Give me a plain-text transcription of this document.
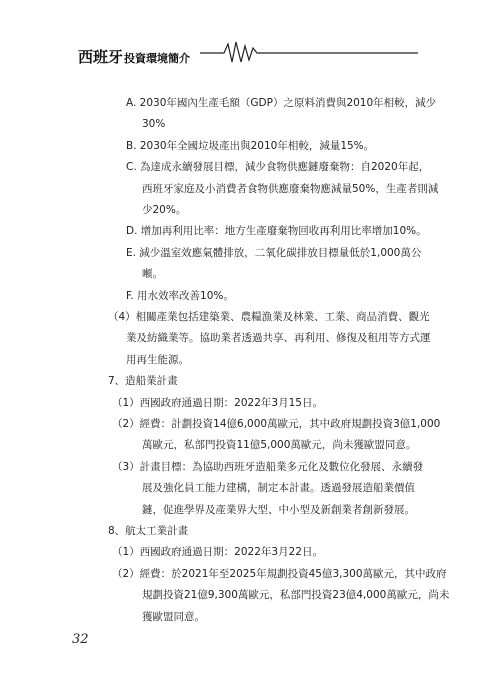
西班牙投資環境簡介
A. 2030年國內生產毛額（GDP）之原料消費與2010年相較，減少
30%
B. 2030年全國垃圾產出與2010年相較，減量15%。
C. 為達成永續發展目標，減少食物供應鏈廢棄物：自2020年起，
西班牙家庭及小消費者食物供應廢棄物應減量50%，生產者則減
少20%。
D. 增加再利用比率：地方生產廢棄物回收再利用比率增加10%。
E. 減少溫室效應氣體排放，二氧化碳排放目標量低於1,000萬公
噸。
F. 用水效率改善10%。
（4）相關產業包括建築業、農糧漁業及林業、工業、商品消費、觀光
業及紡織業等。協助業者透過共享、再利用、修復及租用等方式運
用再生能源。
7、造船業計畫
（1）西國政府通過日期：2022年3月15日。
（2）經費：計劃投資14億6,000萬歐元，其中政府規劃投資3億1,000
萬歐元，私部門投資11億5,000萬歐元，尚未獲歐盟同意。
（3）計畫目標：為協助西班牙造船業多元化及數位化發展、永續發
展及強化員工能力建構，制定本計畫。透過發展造船業價值
鏈，促進學界及產業界大型、中小型及新創業者創新發展。
8、航太工業計畫
（1）西國政府通過日期：2022年3月22日。
（2）經費：於2021年至2025年規劃投資45億3,300萬歐元，其中政府
規劃投資21億9,300萬歐元，私部門投資23億4,000萬歐元，尚未
獲歐盟同意。
32
